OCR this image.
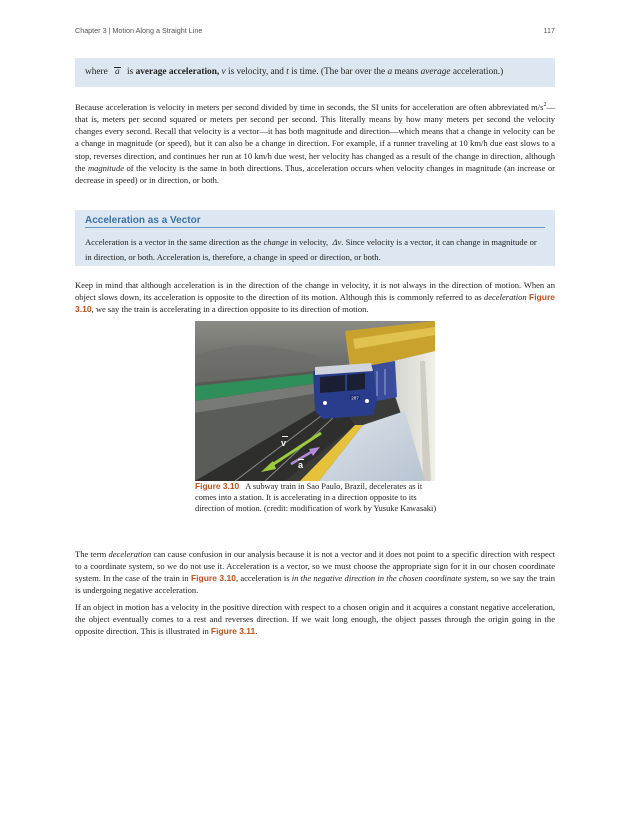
Chapter 3 | Motion Along a Straight Line	117
where a is average acceleration, v is velocity, and t is time. (The bar over the a means average acceleration.)

Because acceleration is velocity in meters per second divided by time in seconds, the SI units for acceleration are often abbreviated $m/s^2—that$ is, meters per second squared or meters per second per second. This literally means by how many meters per second the velocity changes every second. Recall that velocity is a vector—it has both magnitude and direction—which means that a change in velocity can be a change in magnitude (or speed), but it can also be a change in direction. For example, if a runner traveling at 10 km/h due east slows to a stop, reverses direction, and continues her run at 10 km/h due west, her velocity has changed as a result of the change in direction, although the magnitude of the velocity is the same in both directions. Thus, acceleration occurs when velocity changes in magnitude (an increase or decrease in speed) or in direction, or both.

Acceleration as a Vector

Acceleration is a vector in the same direction as the change in velocity, Δv. Since velocity is a vector, it can change in magnitude or in direction, or both. Acceleration is, therefore, a change in speed or direction, or both.

Keep in mind that although acceleration is in the direction of the change in velocity, it is not always in the direction of motion. When an object slows down, its acceleration is opposite to the direction of its motion. Although this is commonly referred to as deceleration Figure 3.10, we say the train is accelerating in a direction opposite to its direction of motion.

287
v
a

Figure 3.10 A subway train in Sao Paulo, Brazil, decelerates as it comes into a station. It is accelerating in a direction opposite to its direction of motion. (credit: modification of work by Yusuke Kawasaki)

The term deceleration can cause confusion in our analysis because it is not a vector and it does not point to a specific direction with respect to a coordinate system, so we do not use it. Acceleration is a vector, so we must choose the appropriate sign for it in our chosen coordinate system. In the case of the train in Figure 3.10, acceleration is in the negative direction in the chosen coordinate system, so we say the train is undergoing negative acceleration.

If an object in motion has a velocity in the positive direction with respect to a chosen origin and it acquires a constant negative acceleration, the object eventually comes to a rest and reverses direction. If we wait long enough, the object passes through the origin going in the opposite direction. This is illustrated in Figure 3.11.
